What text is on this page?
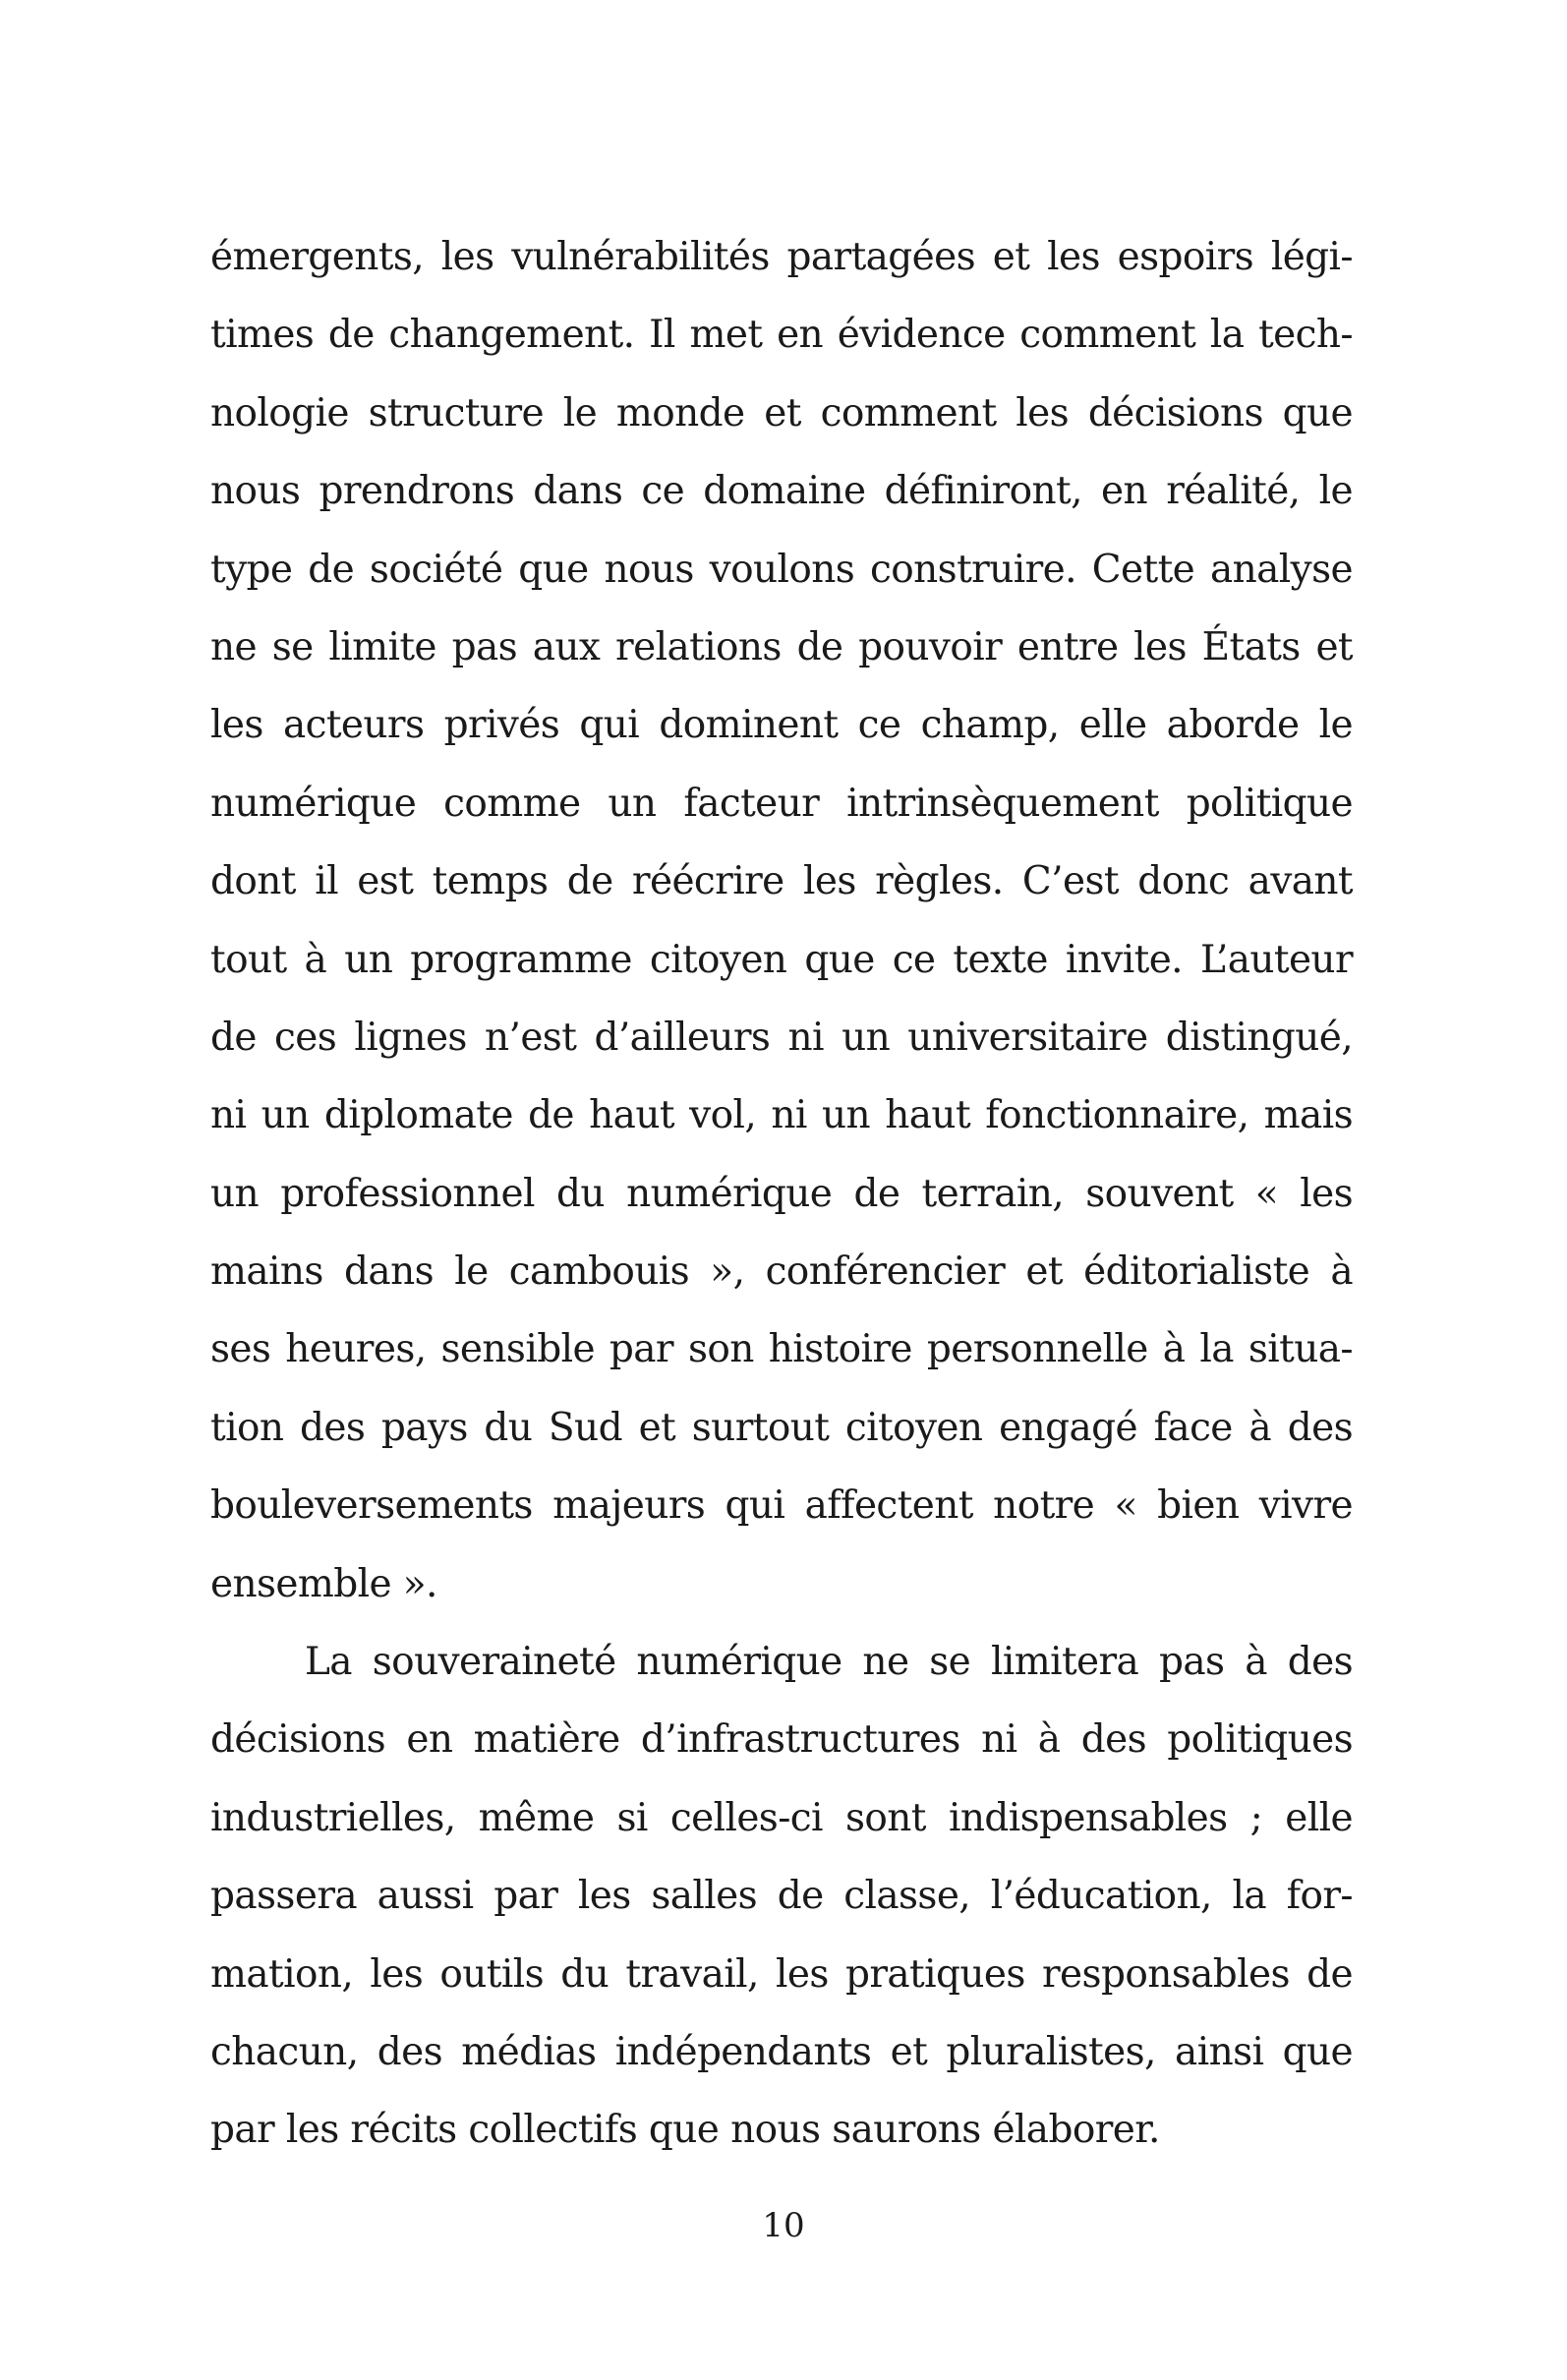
émergents, les vulnérabilités partagées et les espoirs légi-
times de changement. Il met en évidence comment la tech-
nologie structure le monde et comment les décisions que
nous prendrons dans ce domaine définiront, en réalité, le
type de société que nous voulons construire. Cette analyse
ne se limite pas aux relations de pouvoir entre les États et
les acteurs privés qui dominent ce champ, elle aborde le
numérique comme un facteur intrinsèquement politique
dont il est temps de réécrire les règles. C’est donc avant
tout à un programme citoyen que ce texte invite. L’auteur
de ces lignes n’est d’ailleurs ni un universitaire distingué,
ni un diplomate de haut vol, ni un haut fonctionnaire, mais
un professionnel du numérique de terrain, souvent « les
mains dans le cambouis », conférencier et éditorialiste à
ses heures, sensible par son histoire personnelle à la situa-
tion des pays du Sud et surtout citoyen engagé face à des
bouleversements majeurs qui affectent notre « bien vivre
ensemble ».
La souveraineté numérique ne se limitera pas à des
décisions en matière d’infrastructures ni à des politiques
industrielles, même si celles-ci sont indispensables ; elle
passera aussi par les salles de classe, l’éducation, la for-
mation, les outils du travail, les pratiques responsables de
chacun, des médias indépendants et pluralistes, ainsi que
par les récits collectifs que nous saurons élaborer.
10
